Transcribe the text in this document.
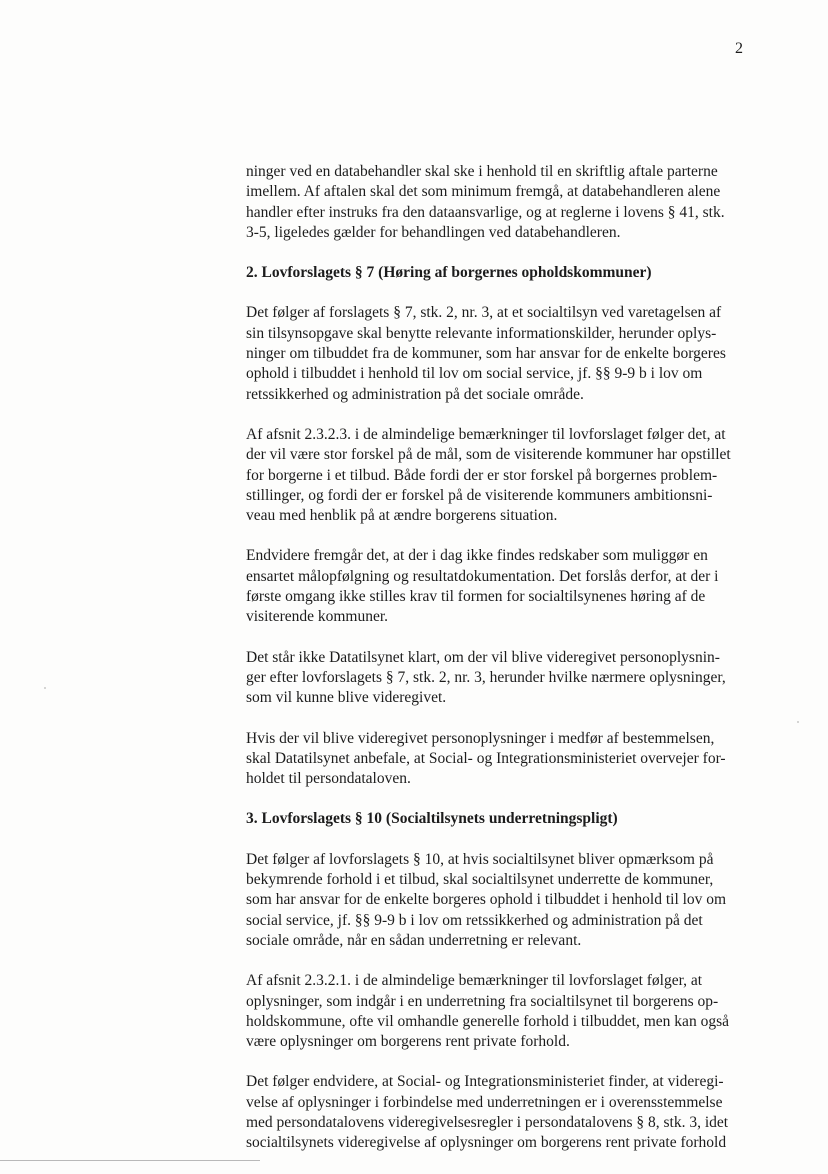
2

ninger ved en databehandler skal ske i henhold til en skriftlig aftale parterne
imellem. Af aftalen skal det som minimum fremgå, at databehandleren alene
handler efter instruks fra den dataansvarlige, og at reglerne i lovens § 41, stk.
3-5, ligeledes gælder for behandlingen ved databehandleren.

2. Lovforslagets § 7 (Høring af borgernes opholdskommuner)

Det følger af forslagets § 7, stk. 2, nr. 3, at et socialtilsyn ved varetagelsen af
sin tilsynsopgave skal benytte relevante informationskilder, herunder oplys-
ninger om tilbuddet fra de kommuner, som har ansvar for de enkelte borgeres
ophold i tilbuddet i henhold til lov om social service, jf. §§ 9-9 b i lov om
retssikkerhed og administration på det sociale område.

Af afsnit 2.3.2.3. i de almindelige bemærkninger til lovforslaget følger det, at
der vil være stor forskel på de mål, som de visiterende kommuner har opstillet
for borgerne i et tilbud. Både fordi der er stor forskel på borgernes problem-
stillinger, og fordi der er forskel på de visiterende kommuners ambitionsni-
veau med henblik på at ændre borgerens situation.

Endvidere fremgår det, at der i dag ikke findes redskaber som muliggør en
ensartet målopfølgning og resultatdokumentation. Det forslås derfor, at der i
første omgang ikke stilles krav til formen for socialtilsynenes høring af de
visiterende kommuner.

Det står ikke Datatilsynet klart, om der vil blive videregivet personoplysnin-
ger efter lovforslagets § 7, stk. 2, nr. 3, herunder hvilke nærmere oplysninger,
som vil kunne blive videregivet.

Hvis der vil blive videregivet personoplysninger i medfør af bestemmelsen,
skal Datatilsynet anbefale, at Social- og Integrationsministeriet overvejer for-
holdet til persondataloven.

3. Lovforslagets § 10 (Socialtilsynets underretningspligt)

Det følger af lovforslagets § 10, at hvis socialtilsynet bliver opmærksom på
bekymrende forhold i et tilbud, skal socialtilsynet underrette de kommuner,
som har ansvar for de enkelte borgeres ophold i tilbuddet i henhold til lov om
social service, jf. §§ 9-9 b i lov om retssikkerhed og administration på det
sociale område, når en sådan underretning er relevant.

Af afsnit 2.3.2.1. i de almindelige bemærkninger til lovforslaget følger, at
oplysninger, som indgår i en underretning fra socialtilsynet til borgerens op-
holdskommune, ofte vil omhandle generelle forhold i tilbuddet, men kan også
være oplysninger om borgerens rent private forhold.

Det følger endvidere, at Social- og Integrationsministeriet finder, at videregi-
velse af oplysninger i forbindelse med underretningen er i overensstemmelse
med persondatalovens videregivelsesregler i persondatalovens § 8, stk. 3, idet
socialtilsynets videregivelse af oplysninger om borgerens rent private forhold
